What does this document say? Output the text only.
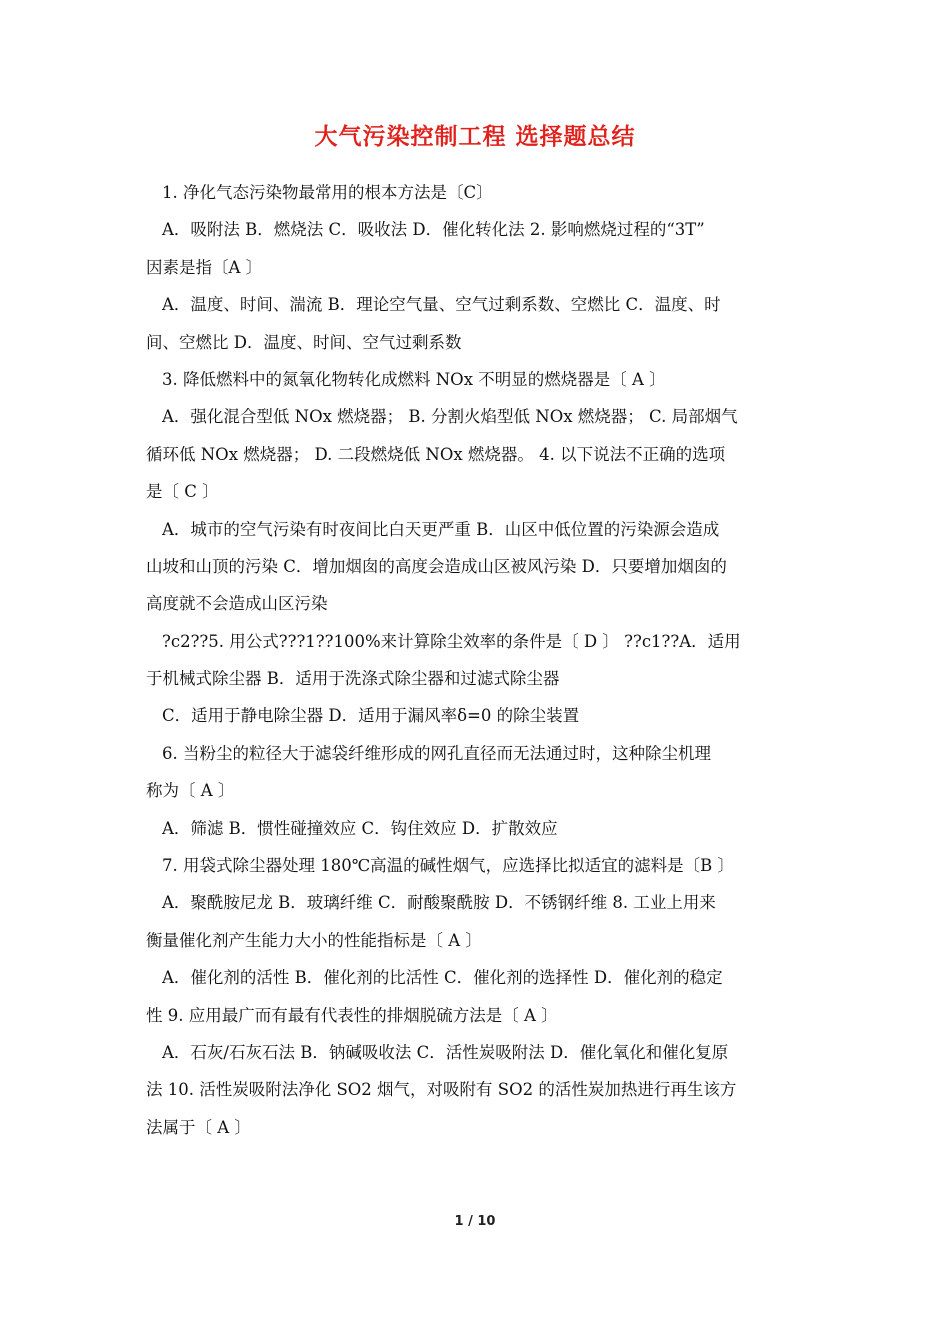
大气污染控制工程 选择题总结
1. 净化气态污染物最常用的根本方法是〔C〕
A．吸附法 B．燃烧法 C．吸收法 D．催化转化法 2. 影响燃烧过程的“3T”
因素是指〔A 〕
A．温度、时间、湍流 B．理论空气量、空气过剩系数、空燃比 C．温度、时
间、空燃比 D．温度、时间、空气过剩系数
3. 降低燃料中的氮氧化物转化成燃料 NOx 不明显的燃烧器是〔 A 〕
A．强化混合型低 NOx 燃烧器； B. 分割火焰型低 NOx 燃烧器； C. 局部烟气
循环低 NOx 燃烧器； D. 二段燃烧低 NOx 燃烧器。 4. 以下说法不正确的选项
是〔 C 〕
A．城市的空气污染有时夜间比白天更严重 B．山区中低位置的污染源会造成
山坡和山顶的污染 C．增加烟囱的高度会造成山区被风污染 D．只要增加烟囱的
高度就不会造成山区污染
?c2??5. 用公式???1??100%来计算除尘效率的条件是〔 D 〕 ??c1??A．适用
于机械式除尘器 B．适用于洗涤式除尘器和过滤式除尘器
C．适用于静电除尘器 D．适用于漏风率δ=0 的除尘装置
6. 当粉尘的粒径大于滤袋纤维形成的网孔直径而无法通过时，这种除尘机理
称为〔 A 〕
A．筛滤 B．惯性碰撞效应 C．钩住效应 D．扩散效应
7. 用袋式除尘器处理 180℃高温的碱性烟气，应选择比拟适宜的滤料是〔B 〕
A．聚酰胺尼龙 B．玻璃纤维 C．耐酸聚酰胺 D．不锈钢纤维 8. 工业上用来
衡量催化剂产生能力大小的性能指标是〔 A 〕
A．催化剂的活性 B．催化剂的比活性 C．催化剂的选择性 D．催化剂的稳定
性 9. 应用最广而有最有代表性的排烟脱硫方法是〔 A 〕
A．石灰/石灰石法 B．钠碱吸收法 C．活性炭吸附法 D．催化氧化和催化复原
法 10. 活性炭吸附法净化 SO2 烟气，对吸附有 SO2 的活性炭加热进行再生该方
法属于〔 A 〕
1 / 10
